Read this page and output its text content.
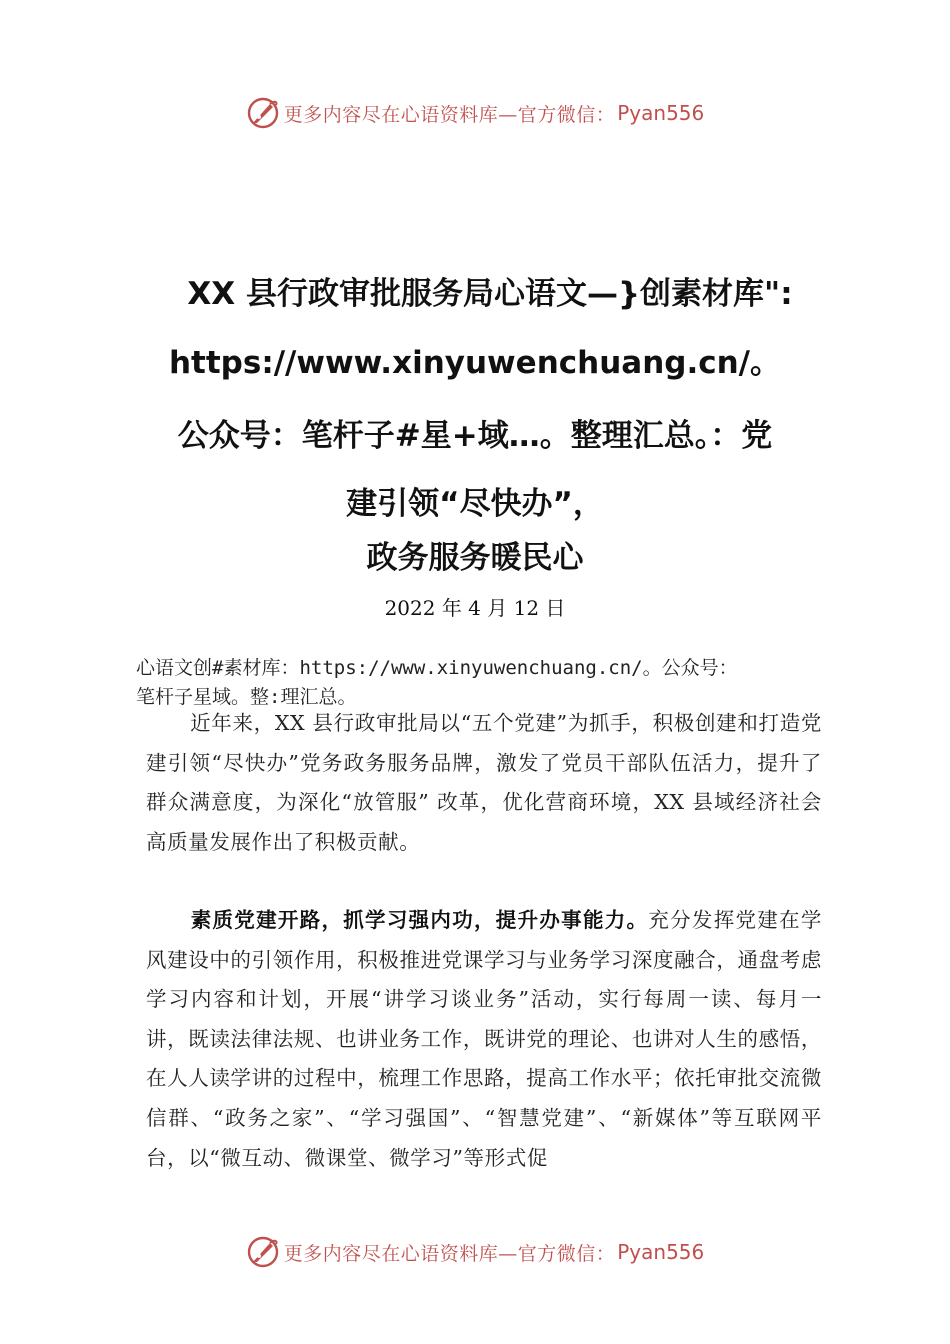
更多内容尽在心语资料库—官方微信： Pyan556
XX 县行政审批服务局心语文—}创素材库":
https://www.xinyuwenchuang.cn/。
公众号：笔杆子#星+域…。整理汇总。：党
建引领“尽快办”，
政务服务暖民心

2022 年 4 月 12 日

心语文创#素材库：https://www.xinyuwenchuang.cn/。公众号：
笔杆子星域。整:理汇总。

近年来，XX 县行政审批局以“五个党建”为抓手，积极创建和打造党建引领“尽快办”党务政务服务品牌，激发了党员干部队伍活力，提升了群众满意度，为深化“放管服” 改革，优化营商环境，XX 县域经济社会高质量发展作出了积极贡献。

素质党建开路，抓学习强内功，提升办事能力。充分发挥党建在学风建设中的引领作用，积极推进党课学习与业务学习深度融合，通盘考虑学习内容和计划，开展“讲学习谈业务”活动，实行每周一读、每月一讲，既读法律法规、也讲业务工作，既讲党的理论、也讲对人生的感悟，在人人读学讲的过程中，梳理工作思路，提高工作水平；依托审批交流微信群、“政务之家”、“学习强国”、“智慧党建”、“新媒体”等互联网平台，以“微互动、微课堂、微学习”等形式促

更多内容尽在心语资料库—官方微信： Pyan556
